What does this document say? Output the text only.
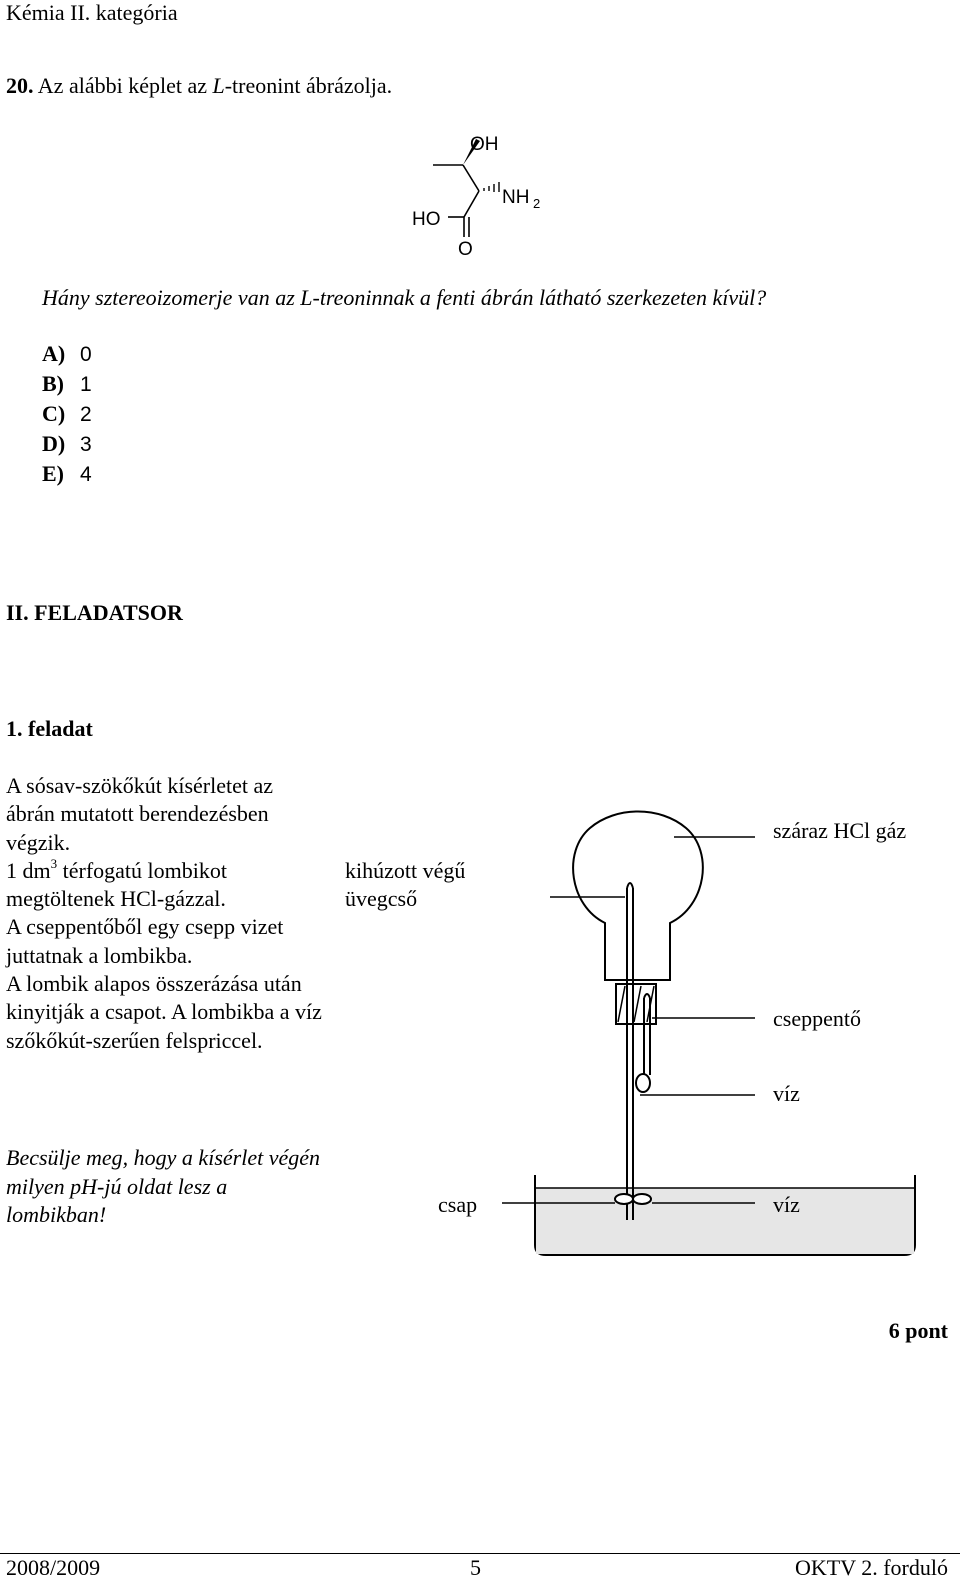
Kémia II. kategória
20. Az alábbi képlet az L-treonint ábrázolja.
OH
NH 2
HO
O
Hány sztereoizomerje van az L-treoninnak a fenti ábrán látható szerkezeten kívül?
A) 0
B) 1
C) 2
D) 3
E) 4
II. FELADATSOR
1. feladat
A sósav-szökőkút kísérletet az ábrán mutatott berendezésben végzik.
1 $dm^3$ térfogatú lombikot megtöltenek HCl-gázzal.
A cseppentőből egy csepp vizet juttatnak a lombikba.
A lombik alapos összerázása után kinyitják a csapot. A lombikba a víz szőkőkút-szerűen felspriccel.
Becsülje meg, hogy a kísérlet végén milyen pH-jú oldat lesz a lombikban!
kihúzott végű
üvegcső
száraz HCl gáz
cseppentő
víz
csap	víz
6 pont
2008/2009	5	OKTV 2. forduló
